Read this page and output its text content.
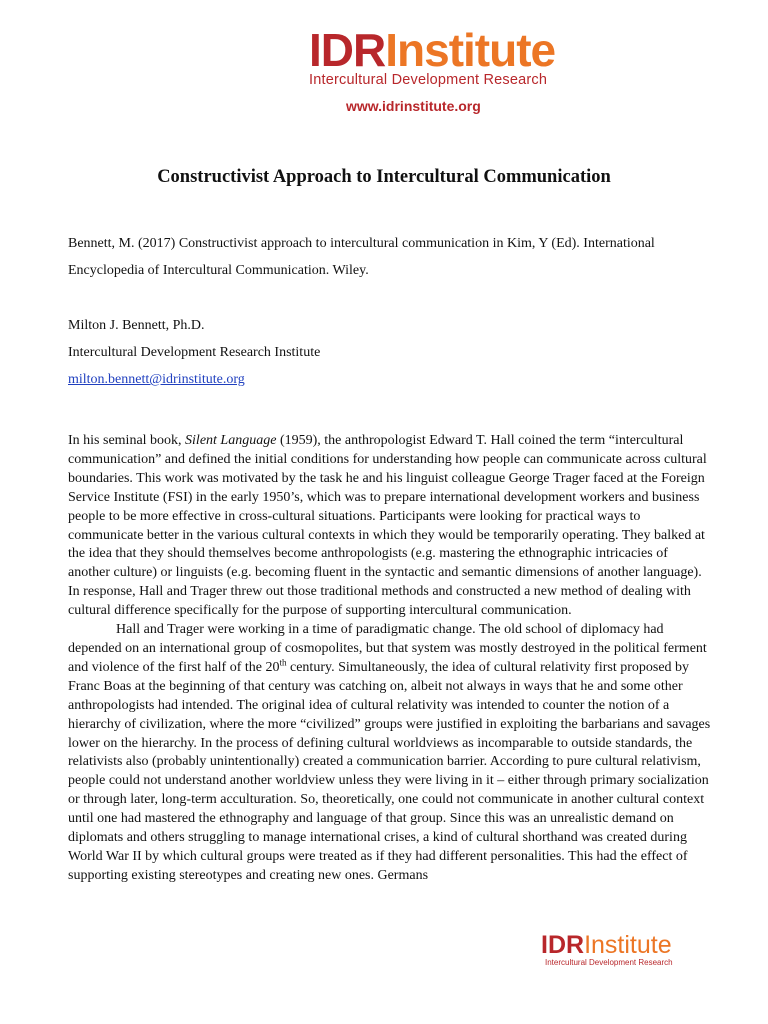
IDRInstitute
Intercultural Development Research
www.idrinstitute.org
Constructivist Approach to Intercultural Communication
Bennett, M. (2017) Constructivist approach to intercultural communication in Kim, Y (Ed). International
Encyclopedia of Intercultural Communication. Wiley.
Milton J. Bennett, Ph.D.
Intercultural Development Research Institute
milton.bennett@idrinstitute.org

In his seminal book, Silent Language (1959), the anthropologist Edward T. Hall coined the term “intercultural communication” and defined the initial conditions for understanding how people can communicate across cultural boundaries. This work was motivated by the task he and his linguist colleague George Trager faced at the Foreign Service Institute (FSI) in the early 1950’s, which was to prepare international development workers and business people to be more effective in cross-cultural situations. Participants were looking for practical ways to communicate better in the various cultural contexts in which they would be temporarily operating. They balked at the idea that they should themselves become anthropologists (e.g. mastering the ethnographic intricacies of another culture) or linguists (e.g. becoming fluent in the syntactic and semantic dimensions of another language). In response, Hall and Trager threw out those traditional methods and constructed a new method of dealing with cultural difference specifically for the purpose of supporting intercultural communication.

Hall and Trager were working in a time of paradigmatic change. The old school of diplomacy had depended on an international group of cosmopolites, but that system was mostly destroyed in the political ferment and violence of the first half of the 20th century. Simultaneously, the idea of cultural relativity first proposed by Franc Boas at the beginning of that century was catching on, albeit not always in ways that he and some other anthropologists had intended. The original idea of cultural relativity was intended to counter the notion of a hierarchy of civilization, where the more “civilized” groups were justified in exploiting the barbarians and savages lower on the hierarchy. In the process of defining cultural worldviews as incomparable to outside standards, the relativists also (probably unintentionally) created a communication barrier. According to pure cultural relativism, people could not understand another worldview unless they were living in it – either through primary socialization or through later, long-term acculturation. So, theoretically, one could not communicate in another cultural context until one had mastered the ethnography and language of that group. Since this was an unrealistic demand on diplomats and others struggling to manage international crises, a kind of cultural shorthand was created during World War II by which cultural groups were treated as if they had different personalities. This had the effect of supporting existing stereotypes and creating new ones. Germans

IDRInstitute
Intercultural Development Research
